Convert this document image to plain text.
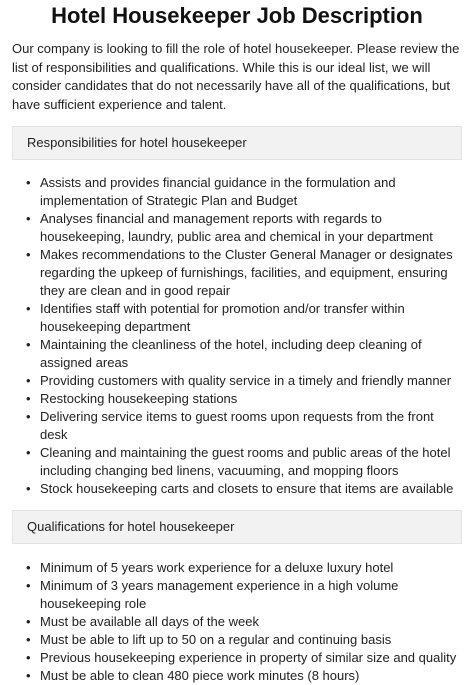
Hotel Housekeeper Job Description

Our company is looking to fill the role of hotel housekeeper. Please review the list of responsibilities and qualifications. While this is our ideal list, we will consider candidates that do not necessarily have all of the qualifications, but have sufficient experience and talent.

Responsibilities for hotel housekeeper
• Assists and provides financial guidance in the formulation and implementation of Strategic Plan and Budget
• Analyses financial and management reports with regards to housekeeping, laundry, public area and chemical in your department
• Makes recommendations to the Cluster General Manager or designates regarding the upkeep of furnishings, facilities, and equipment, ensuring they are clean and in good repair
• Identifies staff with potential for promotion and/or transfer within housekeeping department
• Maintaining the cleanliness of the hotel, including deep cleaning of assigned areas
• Providing customers with quality service in a timely and friendly manner
• Restocking housekeeping stations
• Delivering service items to guest rooms upon requests from the front desk
• Cleaning and maintaining the guest rooms and public areas of the hotel including changing bed linens, vacuuming, and mopping floors
• Stock housekeeping carts and closets to ensure that items are available
Qualifications for hotel housekeeper
• Minimum of 5 years work experience for a deluxe luxury hotel
• Minimum of 3 years management experience in a high volume housekeeping role
• Must be available all days of the week
• Must be able to lift up to 50 on a regular and continuing basis
• Previous housekeeping experience in property of similar size and quality
• Must be able to clean 480 piece work minutes (8 hours)
